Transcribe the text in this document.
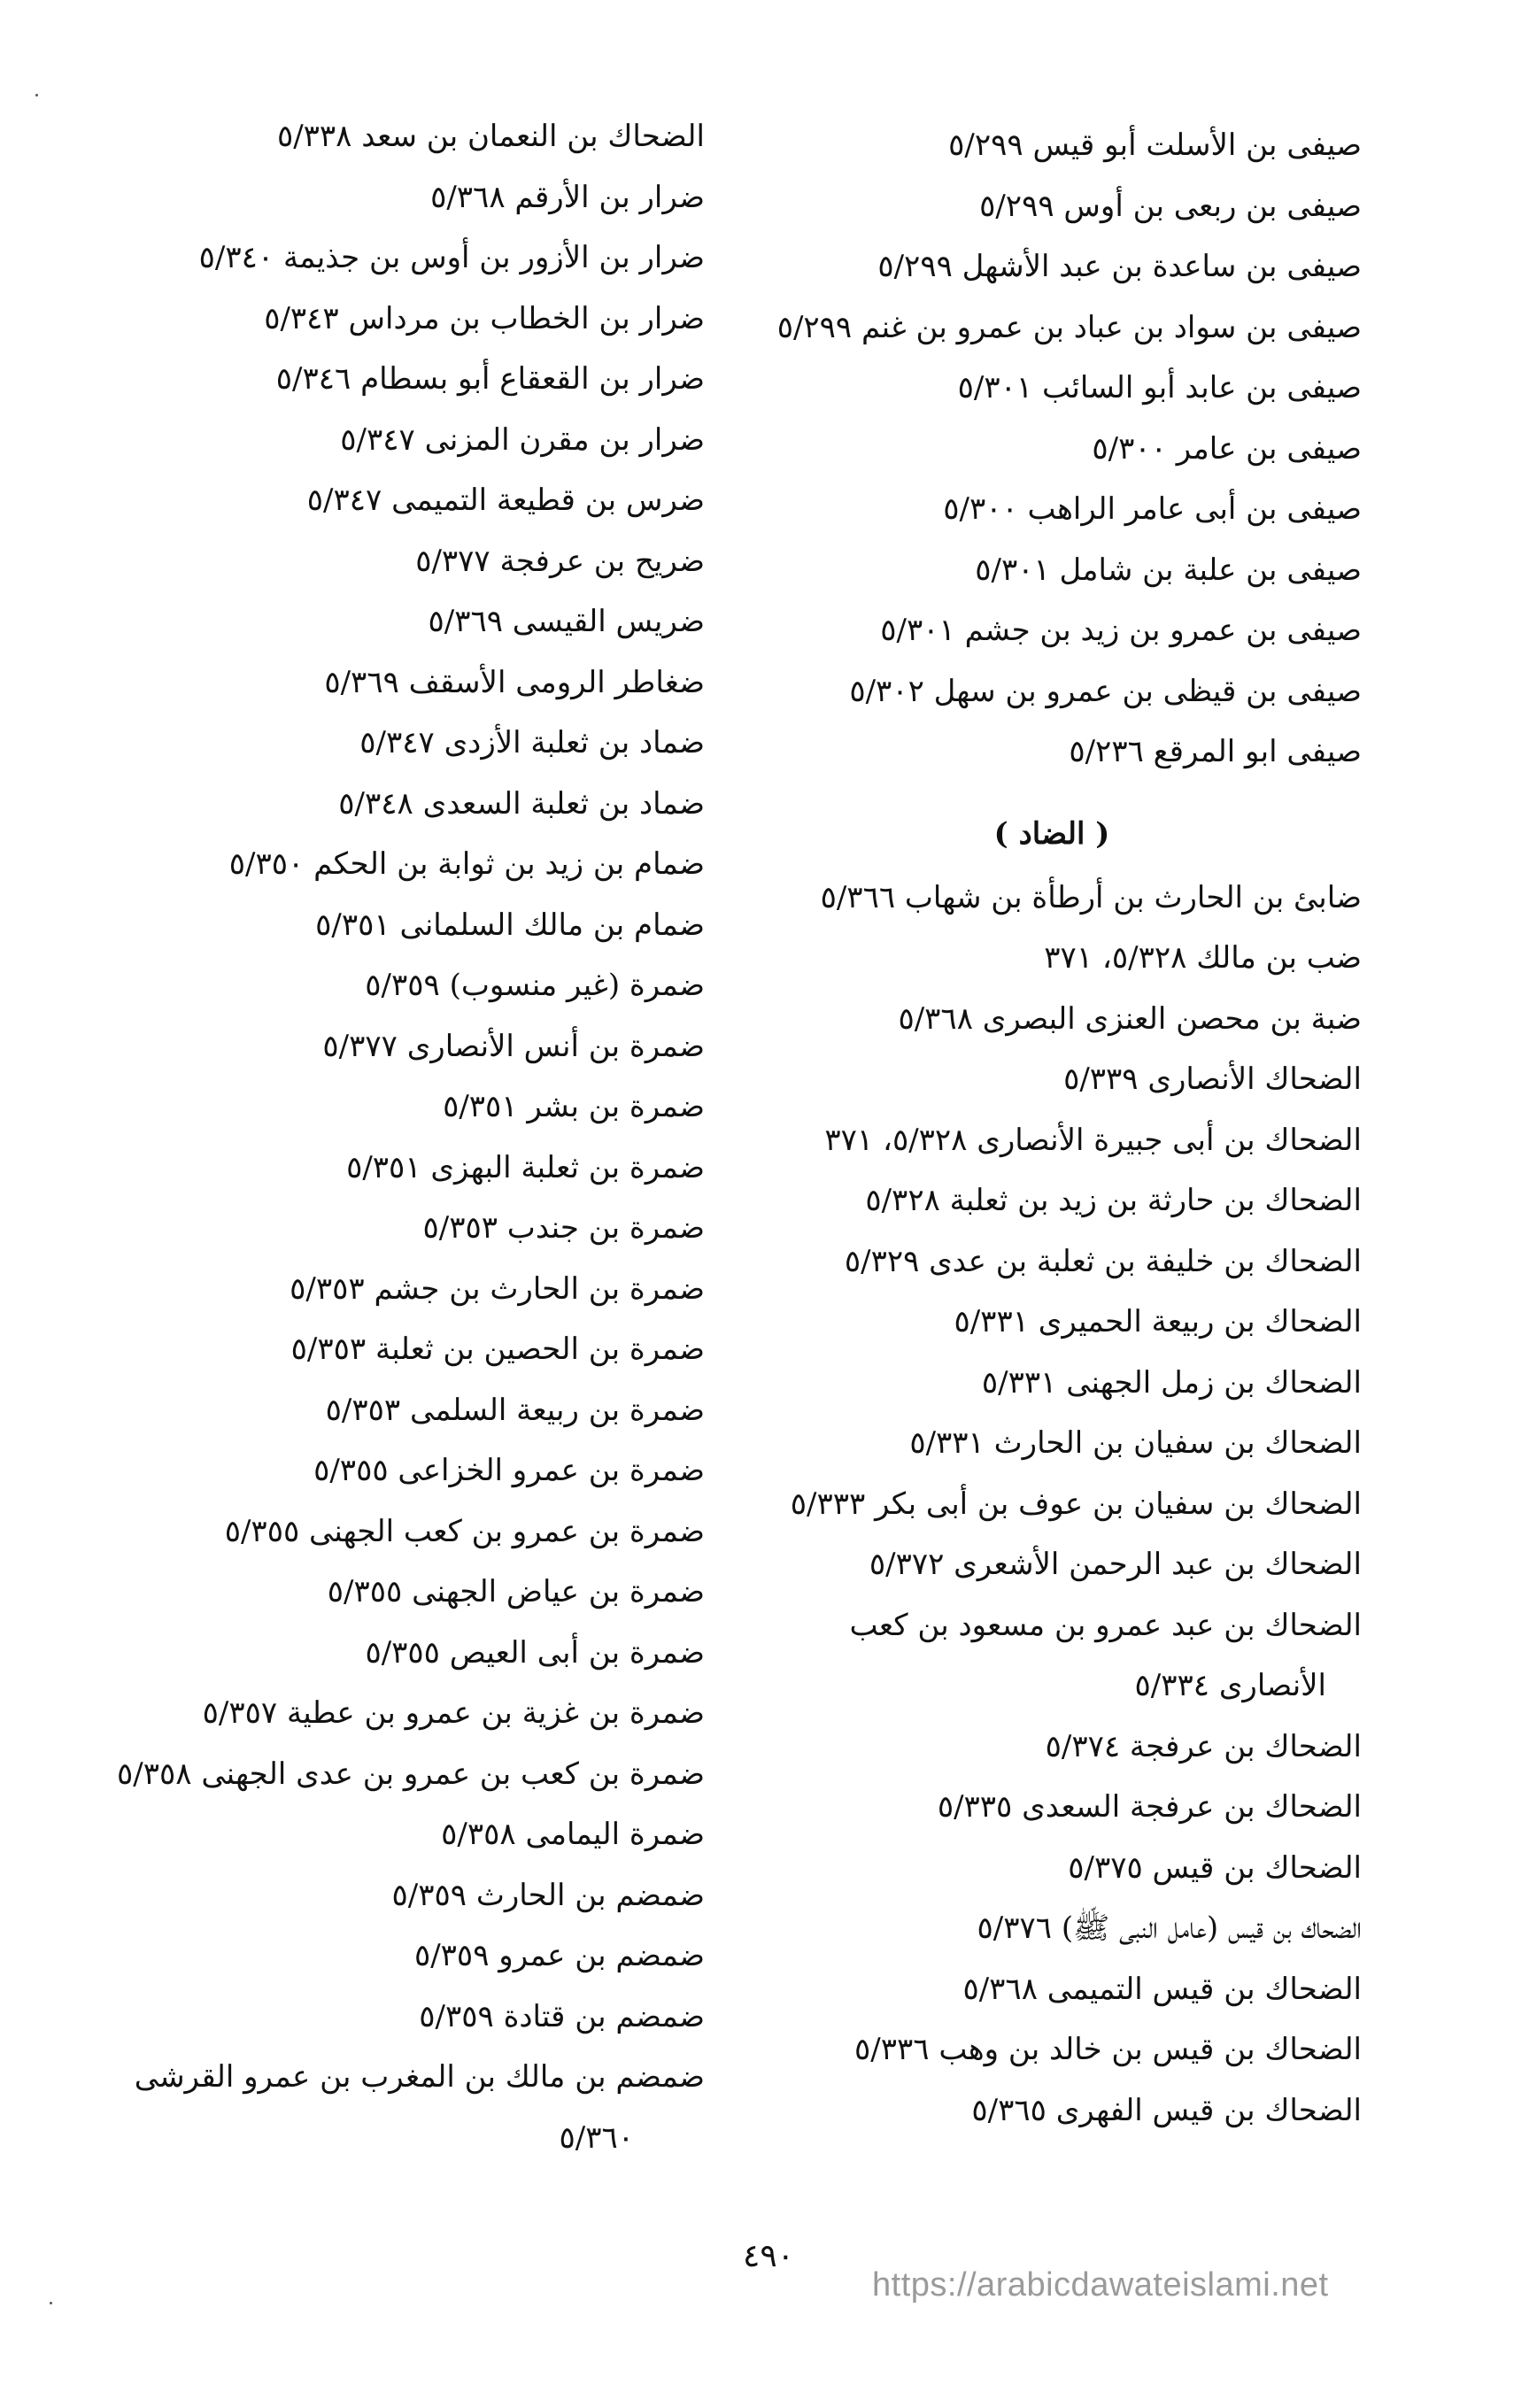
صيفى بن الأسلت أبو قيس ٥/٢٩٩
صيفى بن ربعى بن أوس ٥/٢٩٩
صيفى بن ساعدة بن عبد الأشهل ٥/٢٩٩
صيفى بن سواد بن عباد بن عمرو بن غنم ٥/٢٩٩
صيفى بن عابد أبو السائب ٥/٣٠١
صيفى بن عامر ٥/٣٠٠
صيفى بن أبى عامر الراهب ٥/٣٠٠
صيفى بن علبة بن شامل ٥/٣٠١
صيفى بن عمرو بن زيد بن جشم ٥/٣٠١
صيفى بن قيظى بن عمرو بن سهل ٥/٣٠٢
صيفى ابو المرقع ٥/٢٣٦
( الضاد )
ضابئ بن الحارث بن أرطأة بن شهاب ٥/٣٦٦
ضب بن مالك ٥/٣٢٨، ٣٧١
ضبة بن محصن العنزى البصرى ٥/٣٦٨
الضحاك الأنصارى ٥/٣٣٩
الضحاك بن أبى جبيرة الأنصارى ٥/٣٢٨، ٣٧١
الضحاك بن حارثة بن زيد بن ثعلبة ٥/٣٢٨
الضحاك بن خليفة بن ثعلبة بن عدى ٥/٣٢٩
الضحاك بن ربيعة الحميرى ٥/٣٣١
الضحاك بن زمل الجهنى ٥/٣٣١
الضحاك بن سفيان بن الحارث ٥/٣٣١
الضحاك بن سفيان بن عوف بن أبى بكر ٥/٣٣٣
الضحاك بن عبد الرحمن الأشعرى ٥/٣٧٢
الضحاك بن عبد عمرو بن مسعود بن كعب
الأنصارى ٥/٣٣٤
الضحاك بن عرفجة ٥/٣٧٤
الضحاك بن عرفجة السعدى ٥/٣٣٥
الضحاك بن قيس ٥/٣٧٥
الضحاك بن قيس (عامل النبى ﷺ) ٥/٣٧٦
الضحاك بن قيس التميمى ٥/٣٦٨
الضحاك بن قيس بن خالد بن وهب ٥/٣٣٦
الضحاك بن قيس الفهرى ٥/٣٦٥
الضحاك بن النعمان بن سعد ٥/٣٣٨
ضرار بن الأرقم ٥/٣٦٨
ضرار بن الأزور بن أوس بن جذيمة ٥/٣٤٠
ضرار بن الخطاب بن مرداس ٥/٣٤٣
ضرار بن القعقاع أبو بسطام ٥/٣٤٦
ضرار بن مقرن المزنى ٥/٣٤٧
ضرس بن قطيعة التميمى ٥/٣٤٧
ضريح بن عرفجة ٥/٣٧٧
ضريس القيسى ٥/٣٦٩
ضغاطر الرومى الأسقف ٥/٣٦٩
ضماد بن ثعلبة الأزدى ٥/٣٤٧
ضماد بن ثعلبة السعدى ٥/٣٤٨
ضمام بن زيد بن ثوابة بن الحكم ٥/٣٥٠
ضمام بن مالك السلمانى ٥/٣٥١
ضمرة (غير منسوب) ٥/٣٥٩
ضمرة بن أنس الأنصارى ٥/٣٧٧
ضمرة بن بشر ٥/٣٥١
ضمرة بن ثعلبة البهزى ٥/٣٥١
ضمرة بن جندب ٥/٣٥٣
ضمرة بن الحارث بن جشم ٥/٣٥٣
ضمرة بن الحصين بن ثعلبة ٥/٣٥٣
ضمرة بن ربيعة السلمى ٥/٣٥٣
ضمرة بن عمرو الخزاعى ٥/٣٥٥
ضمرة بن عمرو بن كعب الجهنى ٥/٣٥٥
ضمرة بن عياض الجهنى ٥/٣٥٥
ضمرة بن أبى العيص ٥/٣٥٥
ضمرة بن غزية بن عمرو بن عطية ٥/٣٥٧
ضمرة بن كعب بن عمرو بن عدى الجهنى ٥/٣٥٨
ضمرة اليمامى ٥/٣٥٨
ضمضم بن الحارث ٥/٣٥٩
ضمضم بن عمرو ٥/٣٥٩
ضمضم بن قتادة ٥/٣٥٩
ضمضم بن مالك بن المغرب بن عمرو القرشى
٥/٣٦٠
٤٩٠
https://arabicdawateislami.net
